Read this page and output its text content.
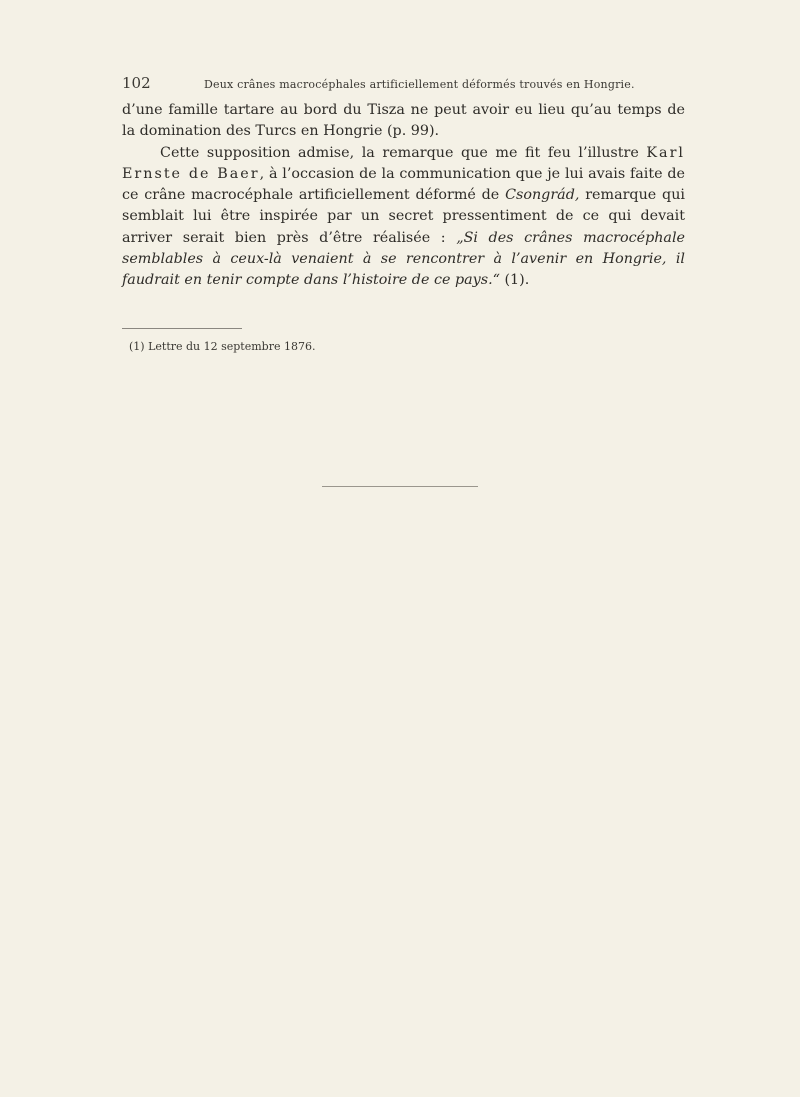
102	Deux crânes macrocéphales artificiellement déformés trouvés en Hongrie.

d’une famille tartare au bord du Tisza ne peut avoir eu lieu qu’au temps de la domination des Turcs en Hongrie (p. 99).

Cette supposition admise, la remarque que me fit feu l’illustre Karl Ernste de Baer, à l’occasion de la communication que je lui avais faite de ce crâne macrocéphale artificiellement déformé de Csongrád, remarque qui semblait lui être inspirée par un secret pressentiment de ce qui devait arriver serait bien près d’être réalisée : „Si des crânes macrocéphale semblables à ceux-là venaient à se rencontrer à l’avenir en Hongrie, il faudrait en tenir compte dans l’histoire de ce pays.“ (1).

(1) Lettre du 12 septembre 1876.
